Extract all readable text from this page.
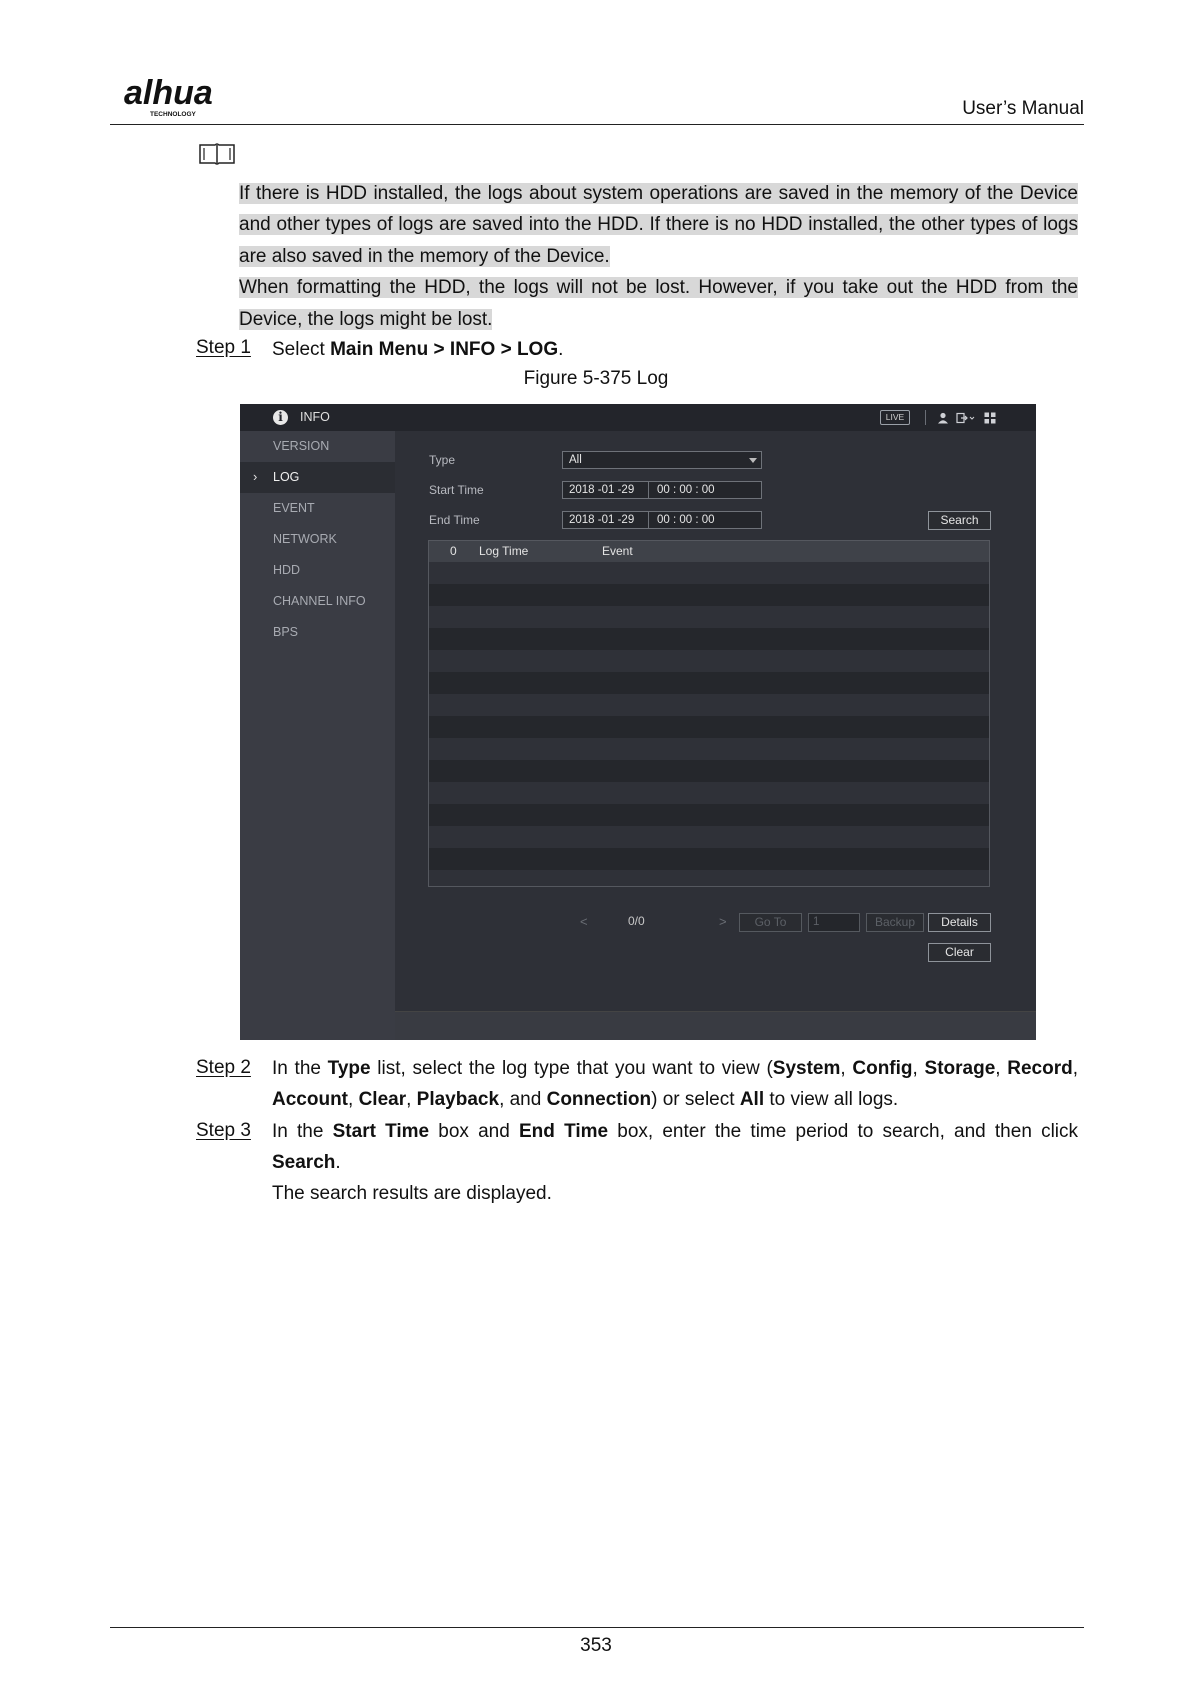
alhua
TECHNOLOGY	User’s Manual

If there is HDD installed, the logs about system operations are saved in the memory of the Device and other types of logs are saved into the HDD. If there is no HDD installed, the other types of logs are also saved in the memory of the Device.

When formatting the HDD, the logs will not be lost. However, if you take out the HDD from the Device, the logs might be lost.

Step 1 Select Main Menu > INFO > LOG.
Figure 5-375 Log
i	INFO	LIVE
VERSION
› LOG
EVENT
NETWORK
HDD
CHANNEL INFO
BPS
Type	All
Start Time	2018 -01 -29 00 : 00 : 00
End Time	2018 -01 -29 00 : 00 : 00	Search
0/0
<	>	Go To	1	Backup	Details
Clear
0 Log Time	Event
Step 2 In the Type list, select the log type that you want to view (System, Config, Storage, Record, Account, Clear, Playback, and Connection) or select All to view all logs.
Step 3 In the Start Time box and End Time box, enter the time period to search, and then click Search.
The search results are displayed.
353
